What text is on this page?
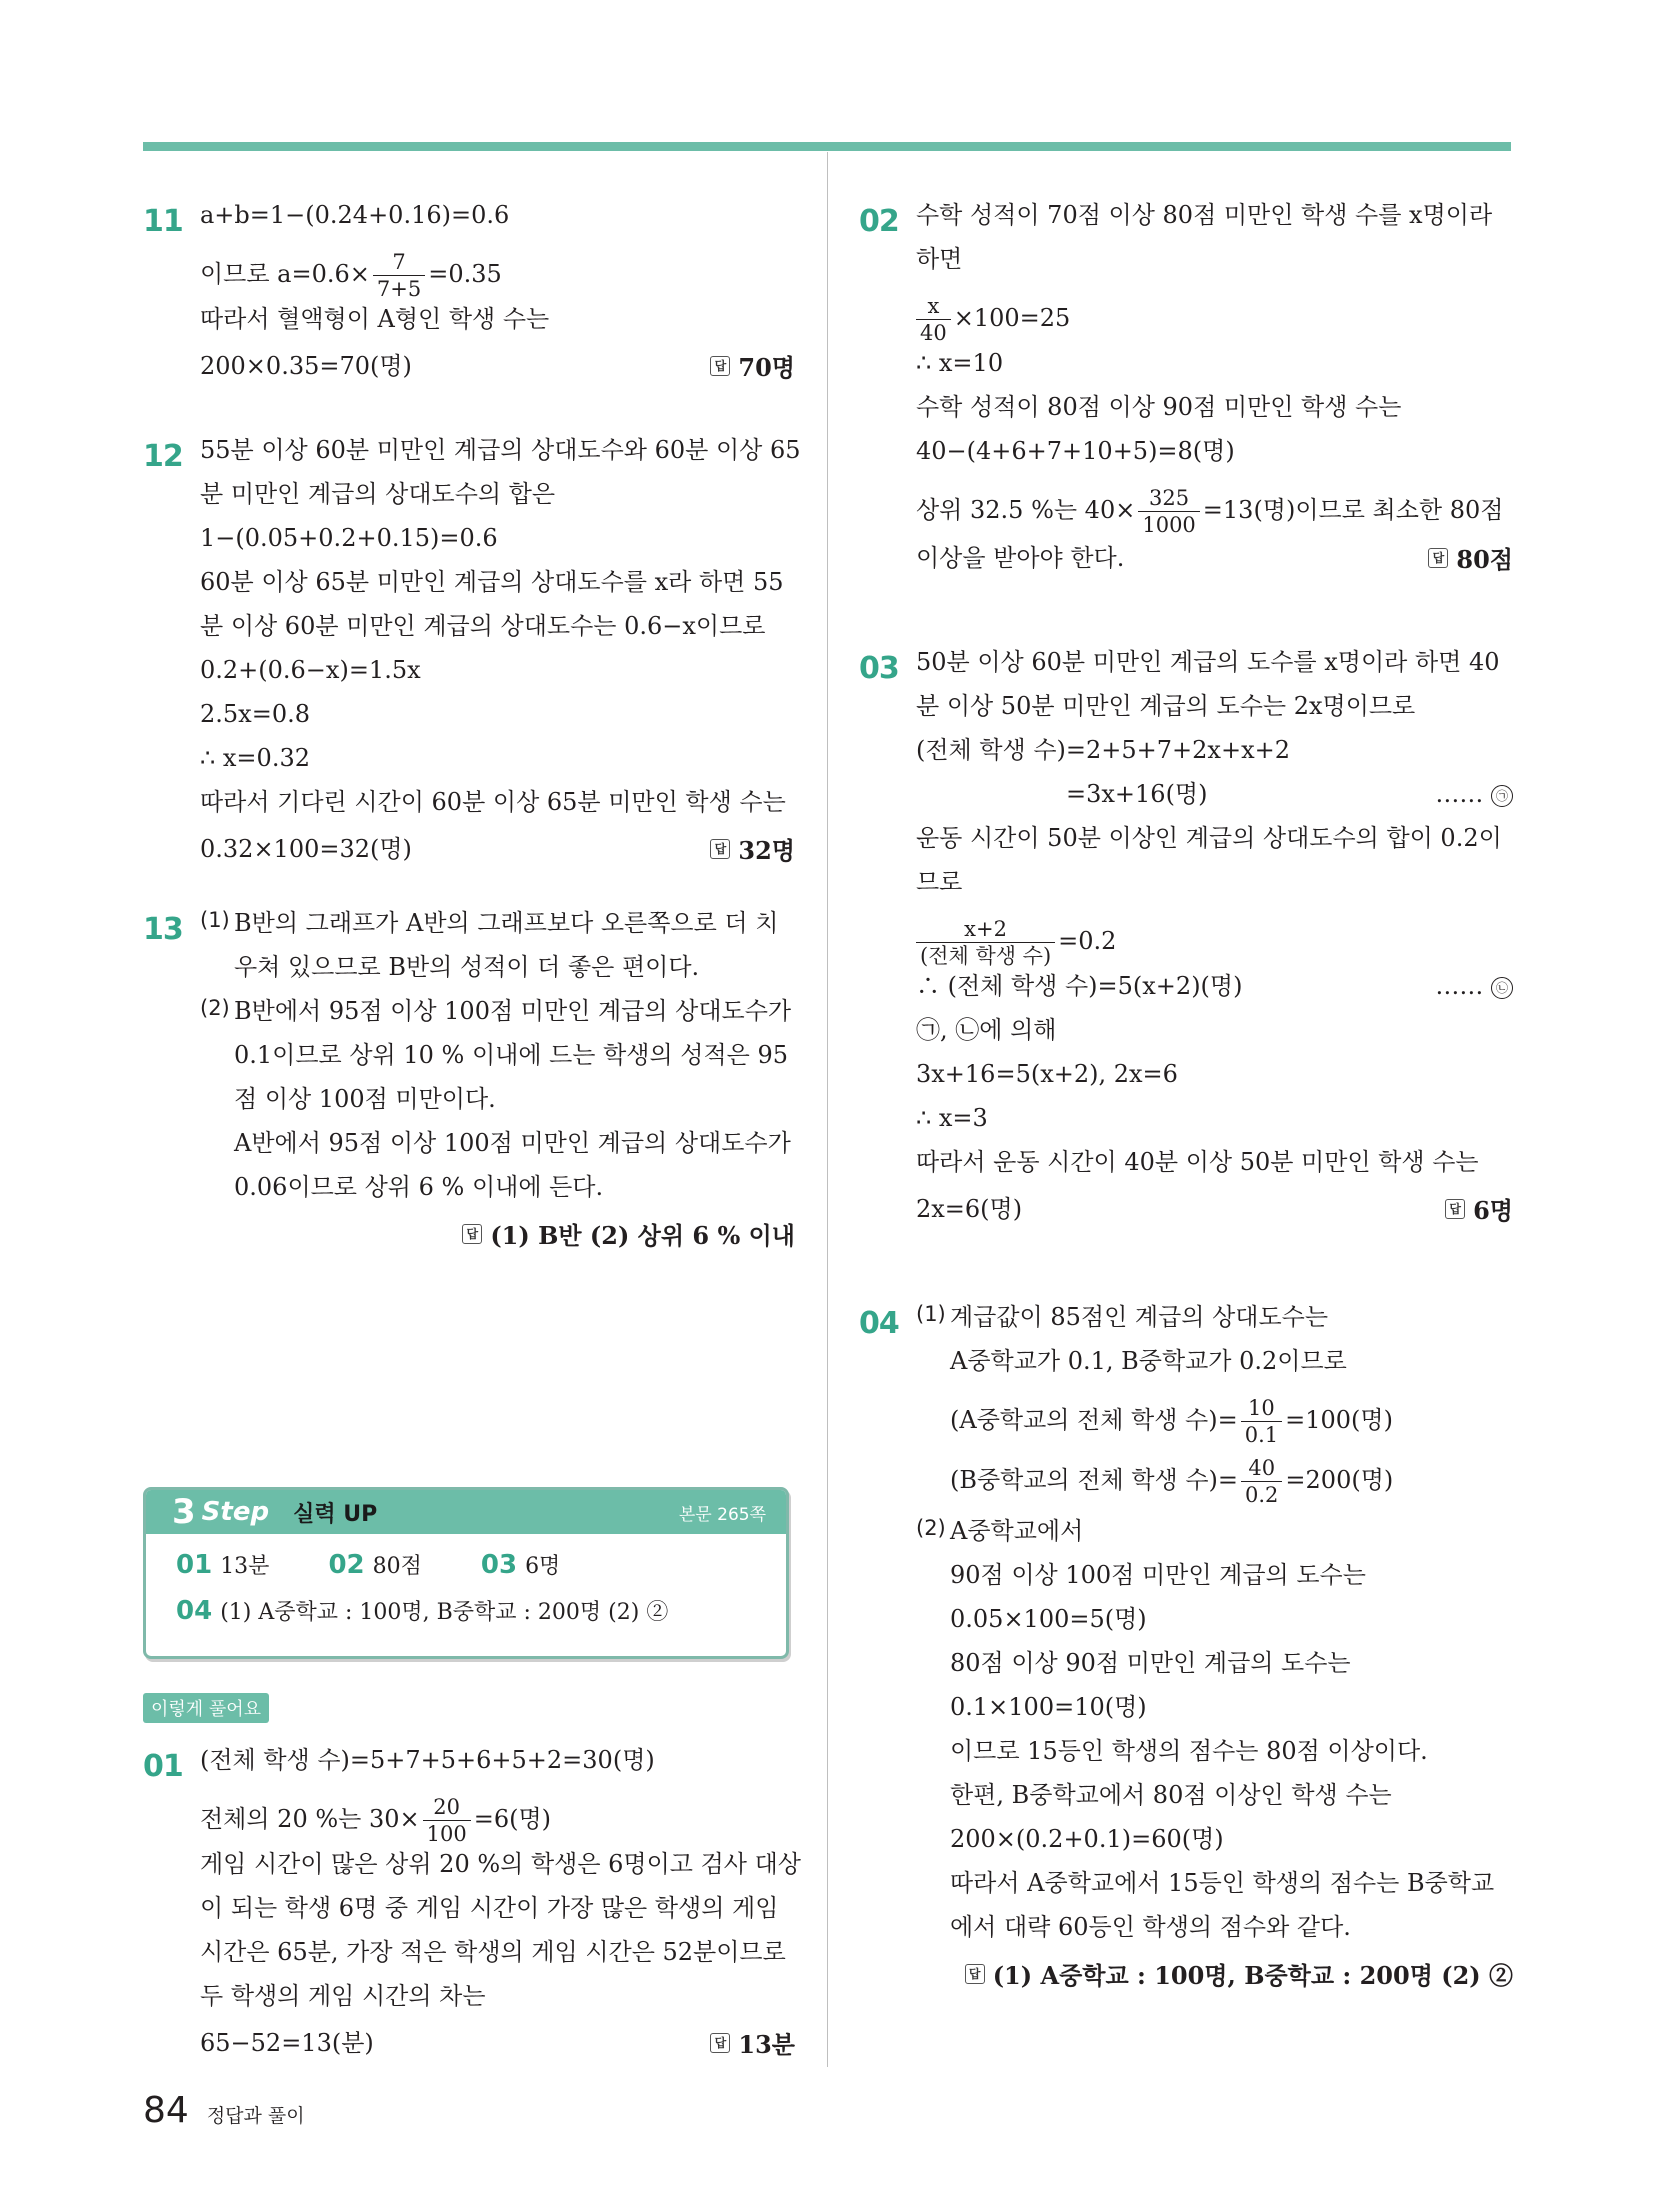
11 a+b=1−(0.24+0.16)=0.6
이므로 $a=0.6\times \frac{7}{7+5} =0.35$
따라서 혈액형이 A형인 학생 수는
200×0.35=70(명)	답 70명
12 55분 이상 60분 미만인 계급의 상대도수와 60분 이상 65
분 미만인 계급의 상대도수의 합은
1−(0.05+0.2+0.15)=0.6
60분 이상 65분 미만인 계급의 상대도수를 x라 하면 55
분 이상 60분 미만인 계급의 상대도수는 0.6−x이므로
0.2+(0.6−x)=1.5x
2.5x=0.8
∴ x=0.32
따라서 기다린 시간이 60분 이상 65분 미만인 학생 수는
0.32×100=32(명)	답 32명
13 (1) B반의 그래프가 A반의 그래프보다 오른쪽으로 더 치
우쳐 있으므로 B반의 성적이 더 좋은 편이다.
(2) B반에서 95점 이상 100점 미만인 계급의 상대도수가
0.1이므로 상위 10 % 이내에 드는 학생의 성적은 95
점 이상 100점 미만이다.
A반에서 95점 이상 100점 미만인 계급의 상대도수가
0.06이므로 상위 6 % 이내에 든다.
답 (1) B반 (2) 상위 6 % 이내
3 Step 실력 UP	본문 265쪽
01 13분 02 80점 03 6명
04 (1) A중학교 : 100명, B중학교 : 200명 (2) ②
이렇게 풀어요
01 (전체 학생 수)=5+7+5+6+5+2=30(명)
전체의 20 %는 $30\times \frac{20}{100} =6$(명)
게임 시간이 많은 상위 20 %의 학생은 6명이고 검사 대상
이 되는 학생 6명 중 게임 시간이 가장 많은 학생의 게임
시간은 65분, 가장 적은 학생의 게임 시간은 52분이므로
두 학생의 게임 시간의 차는
65−52=13(분)	답 13분
02 수학 성적이 70점 이상 80점 미만인 학생 수를 x명이라
하면
$\frac{x}{40} \times 100=25$
∴ x=10
수학 성적이 80점 이상 90점 미만인 학생 수는
40−(4+6+7+10+5)=8(명)
상위 32.5 %는 $40\times \frac{325}{1000} =13$(명)이므로 최소한 80점
이상을 받아야 한다.	답 80점
03 50분 이상 60분 미만인 계급의 도수를 x명이라 하면 40
분 이상 50분 미만인 계급의 도수는 2x명이므로
(전체 학생 수)=2+5+7+2x+x+2
=3x+16(명)	…… ㉠
운동 시간이 50분 이상인 계급의 상대도수의 합이 0.2이
므로
$\frac{x+2}{\text{(전체 학생 수)}} =0.2$
∴ (전체 학생 수)=5(x+2)(명)	…… ㉡
㉠, ㉡에 의해
3x+16=5(x+2), 2x=6
∴ x=3
따라서 운동 시간이 40분 이상 50분 미만인 학생 수는
2x=6(명)	답 6명
04 (1) 계급값이 85점인 계급의 상대도수는
A중학교가 0.1, B중학교가 0.2이므로
(A중학교의 전체 학생 수)= $\frac{10}{0.1} =100$(명)
(B중학교의 전체 학생 수)= $\frac{40}{0.2} =200$(명)
(2) A중학교에서
90점 이상 100점 미만인 계급의 도수는
0.05×100=5(명)
80점 이상 90점 미만인 계급의 도수는
0.1×100=10(명)
이므로 15등인 학생의 점수는 80점 이상이다.
한편, B중학교에서 80점 이상인 학생 수는
200×(0.2+0.1)=60(명)
따라서 A중학교에서 15등인 학생의 점수는 B중학교
에서 대략 60등인 학생의 점수와 같다.
답 (1) A중학교 : 100명, B중학교 : 200명 (2) ②
84 정답과 풀이
